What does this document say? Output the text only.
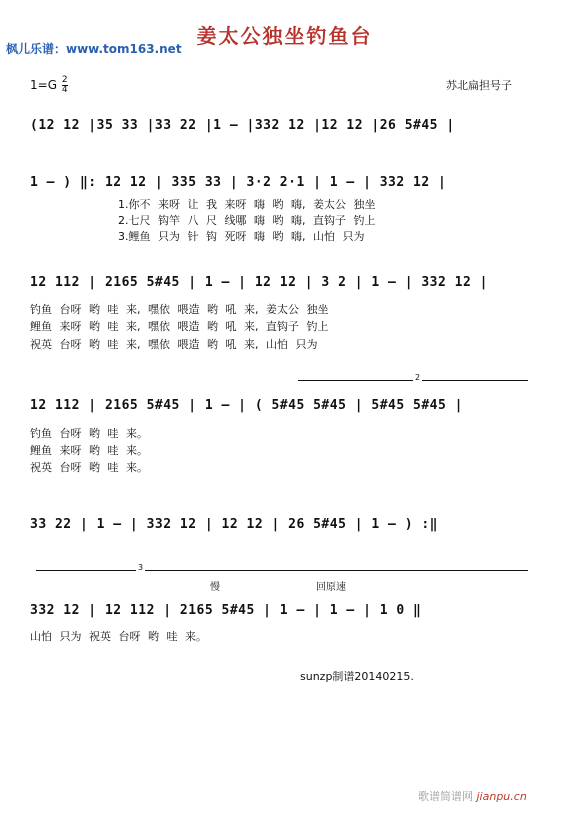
姜太公独坐钓鱼台
枫儿乐谱：www.tom163.net
$1=G \frac{2}{4}$	苏北扁担号子
(12 12 |35 33 |33 22 |1 – |332 12 |12 12 |26 5#45 |
1 – ) ‖: 12 12 | 335 33 | 3·2 2·1 | 1 – | 332 12 |
1.你不 来呀 让 我 来呀 嗨 哟 嗨, 姜太公 独坐
2.七尺 钩竿 八 尺 线哪 嗨 哟 嗨, 直钩子 钓上
3.鲤鱼 只为 针 钩 死呀 嗨 哟 嗨, 山怕 只为
12 112 | 2165 5#45 | 1 – | 12 12 | 3 2 | 1 – | 332 12 |
钓鱼 台呀 哟 哇 来, 嘿依 喂造 哟 吼 来, 姜太公 独坐
鲤鱼 来呀 哟 哇 来, 嘿依 喂造 哟 吼 来, 直钩子 钓上
祝英 台呀 哟 哇 来, 嘿依 喂造 哟 吼 来, 山怕 只为
2
12 112 | 2165 5#45 | 1 – | ( 5#45 5#45 | 5#45 5#45 |
钓鱼 台呀 哟 哇 来。
鲤鱼 来呀 哟 哇 来。
祝英 台呀 哟 哇 来。
33 22 | 1 – | 332 12 | 12 12 | 26 5#45 | 1 – ) :‖
3
慢	回原速
332 12 | 12 112 | 2165 5#45 | 1 – | 1 – | 1 0 ‖
山怕 只为 祝英 台呀 哟 哇 来。
sunzp制谱20140215.
歌谱简谱网 jianpu.cn
